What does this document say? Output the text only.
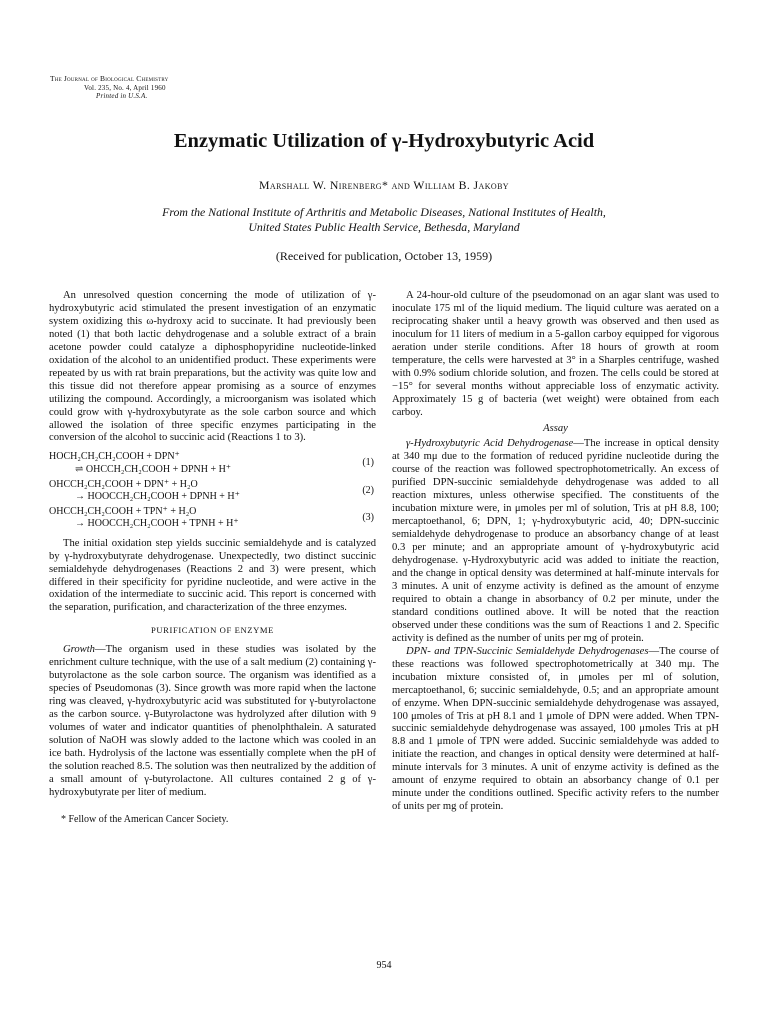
The Journal of Biological Chemistry
Vol. 235, No. 4, April 1960
Printed in U.S.A.
Enzymatic Utilization of γ-Hydroxybutyric Acid
Marshall W. Nirenberg* and William B. Jakoby
From the National Institute of Arthritis and Metabolic Diseases, National Institutes of Health,
United States Public Health Service, Bethesda, Maryland
(Received for publication, October 13, 1959)

An unresolved question concerning the mode of utilization of γ-hydroxybutyric acid stimulated the present investigation of an enzymatic system oxidizing this ω-hydroxy acid to succinate. It had previously been noted (1) that both lactic dehydrogenase and a soluble extract of a brain acetone powder could catalyze a diphosphopyridine nucleotide-linked oxidation of the alcohol to an unidentified product. These experiments were repeated by us with rat brain preparations, but the activity was quite low and this tissue did not therefore appear promising as a source of enzymes utilizing the compound. Accordingly, a microorganism was isolated which could grow with γ-hydroxybutyrate as the sole carbon source and which allowed the isolation of three specific enzymes participating in the conversion of the alcohol to succinic acid (Reactions 1 to 3).

HOCH₂CH₂CH₂COOH + DPN⁺
⇌ OHCCH₂CH₂COOH + DPNH + H⁺
(1)
OHCCH₂CH₂COOH + DPN⁺ + H₂O
→ HOOCCH₂CH₂COOH + DPNH + H⁺
(2)
OHCCH₂CH₂COOH + TPN⁺ + H₂O
→ HOOCCH₂CH₂COOH + TPNH + H⁺
(3)

The initial oxidation step yields succinic semialdehyde and is catalyzed by γ-hydroxybutyrate dehydrogenase. Unexpectedly, two distinct succinic semialdehyde dehydrogenases (Reactions 2 and 3) were present, which differed in their specificity for pyridine nucleotide, and were active in the oxidation of the intermediate to succinic acid. This report is concerned with the separation, purification, and characterization of the three enzymes.

PURIFICATION OF ENZYME

Growth—The organism used in these studies was isolated by the enrichment culture technique, with the use of a salt medium (2) containing γ-butyrolactone as the sole carbon source. The organism was identified as a species of Pseudomonas (3). Since growth was more rapid when the lactone ring was cleaved, γ-hydroxybutyric acid was substituted for γ-butyrolactone as the carbon source. γ-Butyrolactone was hydrolyzed after dilution with 9 volumes of water and indicator quantities of phenolphthalein. A saturated solution of NaOH was slowly added to the lactone which was cooled in an ice bath. Hydrolysis of the lactone was essentially complete when the pH of the solution reached 8.5. The solution was then neutralized by the addition of a small amount of γ-butyrolactone. All cultures contained 2 g of γ-hydroxybutyrate per liter of medium.

* Fellow of the American Cancer Society.

A 24-hour-old culture of the pseudomonad on an agar slant was used to inoculate 175 ml of the liquid medium. The liquid culture was aerated on a reciprocating shaker until a heavy growth was observed and then used as inoculum for 11 liters of medium in a 5-gallon carboy equipped for vigorous aeration under sterile conditions. After 18 hours of growth at room temperature, the cells were harvested at 3° in a Sharples centrifuge, washed with 0.9% sodium chloride solution, and frozen. The cells could be stored at −15° for several months without appreciable loss of enzymatic activity. Approximately 15 g of bacteria (wet weight) were obtained from each carboy.

Assay

γ-Hydroxybutyric Acid Dehydrogenase—The increase in optical density at 340 mμ due to the formation of reduced pyridine nucleotide during the course of the reaction was followed spectrophotometrically. An excess of purified DPN-succinic semialdehyde dehydrogenase was added to all reaction mixtures, unless otherwise specified. The constituents of the incubation mixture were, in μmoles per ml of solution, Tris at pH 8.8, 100; mercaptoethanol, 6; DPN, 1; γ-hydroxybutyric acid, 40; DPN-succinic semialdehyde dehydrogenase to produce an absorbancy change of at least 0.3 per minute; and an appropriate amount of γ-hydroxybutyric acid dehydrogenase. γ-Hydroxybutyric acid was added to initiate the reaction, and the change in optical density was determined at half-minute intervals for 3 minutes. A unit of enzyme activity is defined as the amount of enzyme required to obtain a change in absorbancy of 0.2 per minute, under the standard conditions outlined above. It will be noted that the reaction observed under these conditions was the sum of Reactions 1 and 2. Specific activity is defined as the number of units per mg of protein.

DPN- and TPN-Succinic Semialdehyde Dehydrogenases—The course of these reactions was followed spectrophotometrically at 340 mμ. The incubation mixture consisted of, in μmoles per ml of solution, mercaptoethanol, 6; succinic semialdehyde, 0.5; and an appropriate amount of enzyme. When DPN-succinic semialdehyde dehydrogenase was assayed, 100 μmoles of Tris at pH 8.1 and 1 μmole of DPN were added. When TPN-succinic semialdehyde dehydrogenase was assayed, 100 μmoles Tris at pH 8.8 and 1 μmole of TPN were added. Succinic semialdehyde was added to initiate the reaction, and changes in optical density were determined at half-minute intervals for 3 minutes. A unit of enzyme activity is defined as the amount of enzyme required to obtain an absorbancy change of 0.1 per minute under the conditions outlined. Specific activity refers to the number of units per mg of protein.

954
